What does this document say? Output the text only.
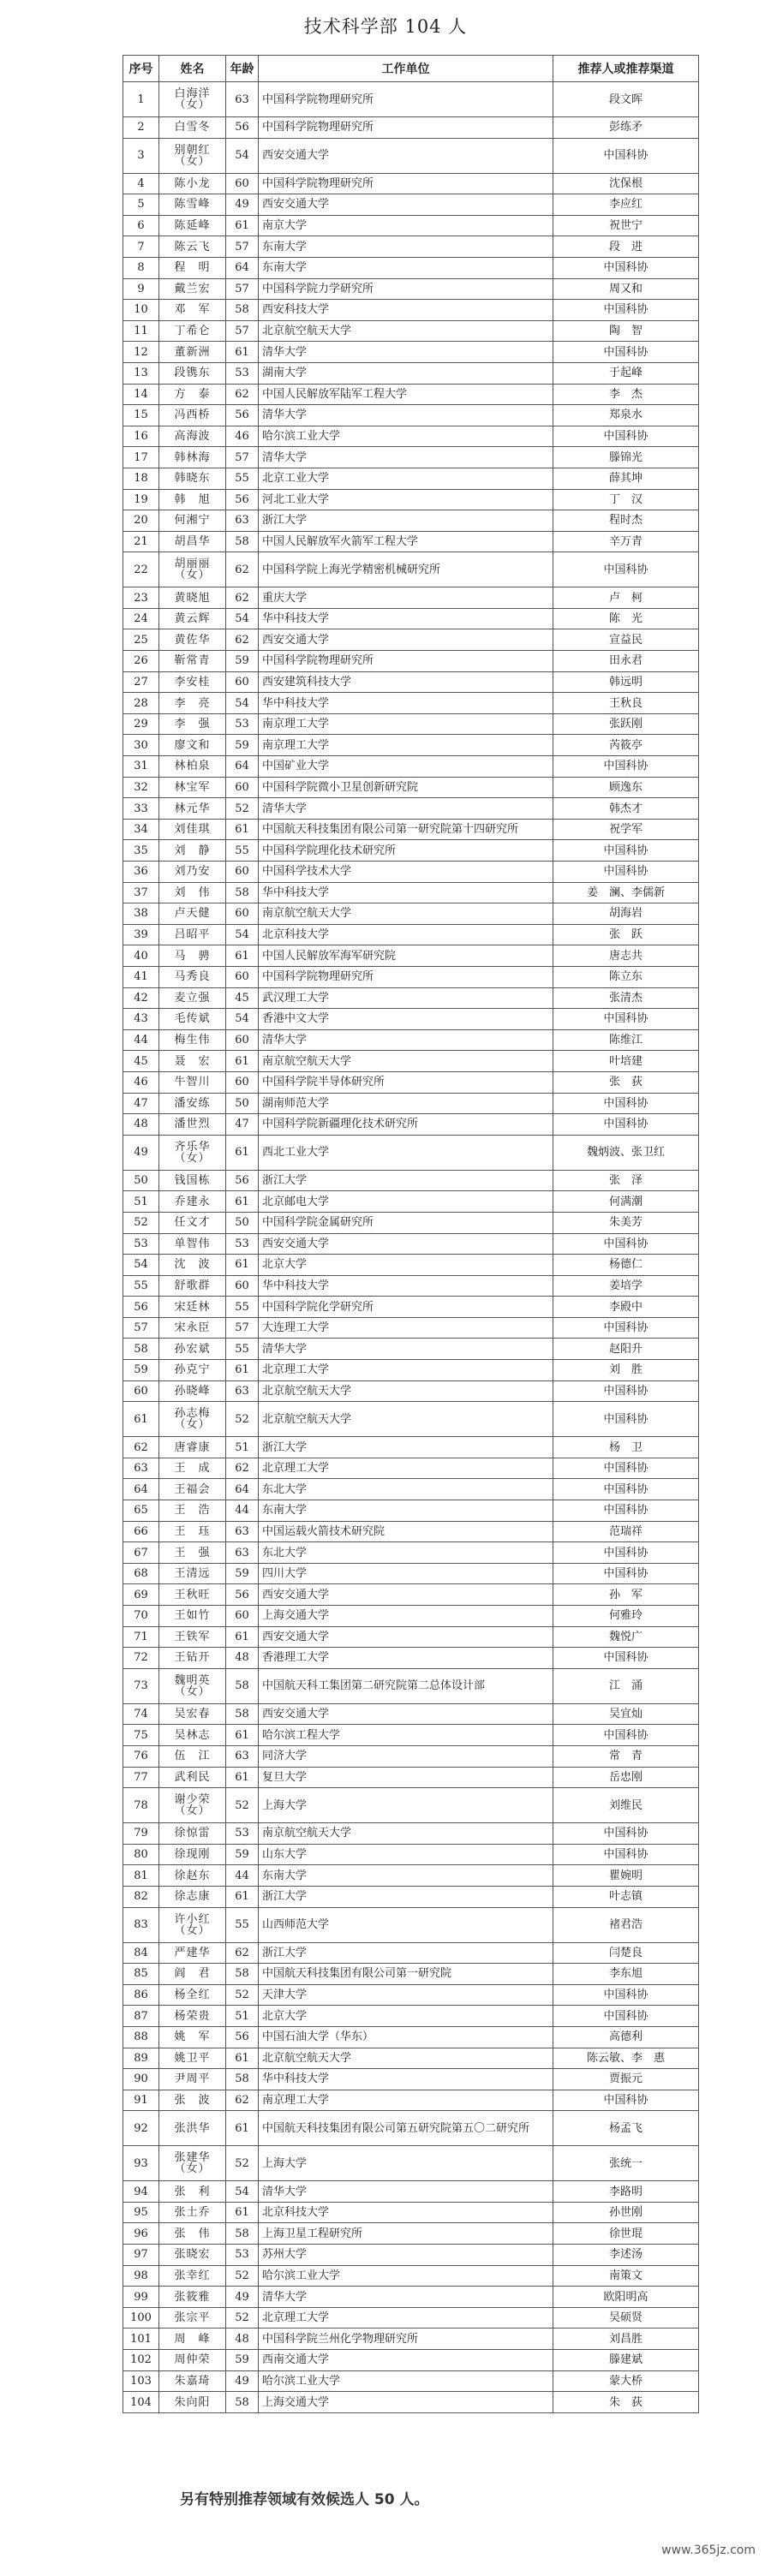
技术科学部 104 人
序号	姓名	年龄	工作单位	推荐人或推荐渠道
1	白海洋（女）	63	中国科学院物理研究所	段文晖
2	白雪冬	56	中国科学院物理研究所	彭练矛
3	别朝红（女）	54	西安交通大学	中国科协
4	陈小龙	60	中国科学院物理研究所	沈保根
5	陈雪峰	49	西安交通大学	李应红
6	陈延峰	61	南京大学	祝世宁
7	陈云飞	57	东南大学	段　进
8	程　明	64	东南大学	中国科协
9	戴兰宏	57	中国科学院力学研究所	周又和
10	邓　军	58	西安科技大学	中国科协
11	丁希仑	57	北京航空航天大学	陶　智
12	董新洲	61	清华大学	中国科协
13	段镌东	53	湖南大学	于起峰
14	方　泰	62	中国人民解放军陆军工程大学	李　杰
15	冯西桥	56	清华大学	郑泉水
16	高海波	46	哈尔滨工业大学	中国科协
17	韩林海	57	清华大学	滕锦光
18	韩晓东	55	北京工业大学	薛其坤
19	韩　旭	56	河北工业大学	丁　汉
20	何湘宁	63	浙江大学	程时杰
21	胡昌华	58	中国人民解放军火箭军工程大学	辛万青
22	胡丽丽（女）	62	中国科学院上海光学精密机械研究所	中国科协
23	黄晓旭	62	重庆大学	卢　柯
24	黄云辉	54	华中科技大学	陈　光
25	黄佐华	62	西安交通大学	宣益民
26	靳常青	59	中国科学院物理研究所	田永君
27	李安桂	60	西安建筑科技大学	韩远明
28	李　亮	54	华中科技大学	王秋良
29	李　强	53	南京理工大学	张跃刚
30	廖文和	59	南京理工大学	芮筱亭
31	林柏泉	64	中国矿业大学	中国科协
32	林宝军	60	中国科学院微小卫星创新研究院	顾逸东
33	林元华	52	清华大学	韩杰才
34	刘佳琪	61	中国航天科技集团有限公司第一研究院第十四研究所	祝学军
35	刘　静	55	中国科学院理化技术研究所	中国科协
36	刘乃安	60	中国科学技术大学	中国科协
37	刘　伟	58	华中科技大学	姜　澜、李儒新
38	卢天健	60	南京航空航天大学	胡海岩
39	吕昭平	54	北京科技大学	张　跃
40	马　骋	61	中国人民解放军海军研究院	唐志共
41	马秀良	60	中国科学院物理研究所	陈立东
42	麦立强	45	武汉理工大学	张清杰
43	毛传斌	54	香港中文大学	中国科协
44	梅生伟	60	清华大学	陈维江
45	聂　宏	61	南京航空航天大学	叶培建
46	牛智川	60	中国科学院半导体研究所	张　荻
47	潘安练	50	湖南师范大学	中国科协
48	潘世烈	47	中国科学院新疆理化技术研究所	中国科协
49	齐乐华（女）	61	西北工业大学	魏炳波、张卫红
50	钱国栋	56	浙江大学	张　泽
51	乔建永	61	北京邮电大学	何满潮
52	任文才	50	中国科学院金属研究所	朱美芳
53	单智伟	53	西安交通大学	中国科协
54	沈　波	61	北京大学	杨德仁
55	舒歌群	60	华中科技大学	姜培学
56	宋廷林	55	中国科学院化学研究所	李殿中
57	宋永臣	57	大连理工大学	中国科协
58	孙宏斌	55	清华大学	赵阳升
59	孙克宁	61	北京理工大学	刘　胜
60	孙晓峰	63	北京航空航天大学	中国科协
61	孙志梅（女）	52	北京航空航天大学	中国科协
62	唐睿康	51	浙江大学	杨　卫
63	王　成	62	北京理工大学	中国科协
64	王福会	64	东北大学	中国科协
65	王　浩	44	东南大学	中国科协
66	王　珏	63	中国运载火箭技术研究院	范瑞祥
67	王　强	63	东北大学	中国科协
68	王清远	59	四川大学	中国科协
69	王秋旺	56	西安交通大学	孙　军
70	王如竹	60	上海交通大学	何雅玲
71	王铁军	61	西安交通大学	魏悦广
72	王钻开	48	香港理工大学	中国科协
73	魏明英（女）	58	中国航天科工集团第二研究院第二总体设计部	江　涌
74	吴宏春	58	西安交通大学	吴宜灿
75	吴林志	61	哈尔滨工程大学	中国科协
76	伍　江	63	同济大学	常　青
77	武利民	61	复旦大学	岳忠刚
78	谢少荣（女）	52	上海大学	刘维民
79	徐惊雷	53	南京航空航天大学	中国科协
80	徐现刚	59	山东大学	中国科协
81	徐赵东	44	东南大学	瞿婉明
82	徐志康	61	浙江大学	叶志镇
83	许小红（女）	55	山西师范大学	褚君浩
84	严建华	62	浙江大学	闫楚良
85	阎　君	58	中国航天科技集团有限公司第一研究院	李东旭
86	杨全红	52	天津大学	中国科协
87	杨荣贵	51	北京大学	中国科协
88	姚　军	56	中国石油大学（华东）	高德利
89	姚卫平	61	北京航空航天大学	陈云敏、李　惠
90	尹周平	58	华中科技大学	贾振元
91	张　波	62	南京理工大学	中国科协
92	张洪华	61	中国航天科技集团有限公司第五研究院第五〇二研究所	杨孟飞
93	张建华（女）	52	上海大学	张统一
94	张　利	54	清华大学	李路明
95	张土乔	61	北京科技大学	孙世刚
96	张　伟	58	上海卫星工程研究所	徐世琨
97	张晓宏	53	苏州大学	李述汤
98	张幸红	52	哈尔滨工业大学	南策文
99	张筱雅	49	清华大学	欧阳明高
100	张宗平	52	北京理工大学	吴硕贤
101	周　峰	48	中国科学院兰州化学物理研究所	刘昌胜
102	周仲荣	59	西南交通大学	滕建斌
103	朱嘉琦	49	哈尔滨工业大学	蒙大桥
104	朱向阳	58	上海交通大学	朱　荻
另有特别推荐领域有效候选人 50 人。
www.365jz.com
